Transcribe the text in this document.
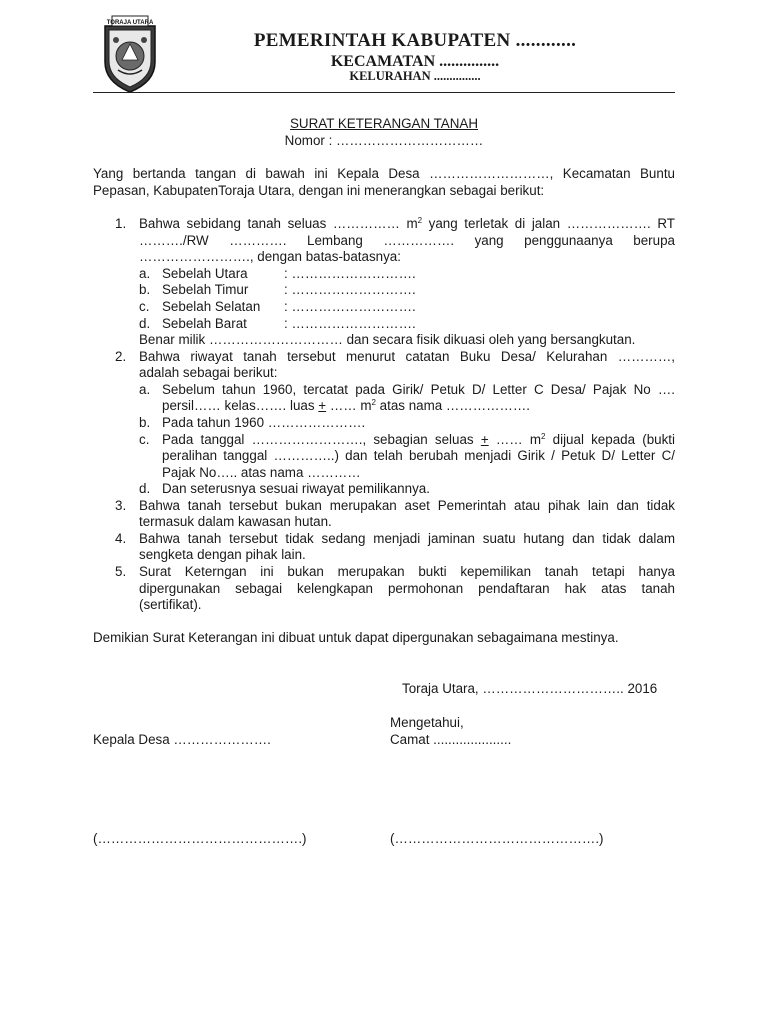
TORAJA UTARA
PEMERINTAH KABUPATEN ............
KECAMATAN ...............
KELURAHAN ...............
SURAT KETERANGAN TANAH
Nomor : ……………………………
Yang bertanda tangan di bawah ini Kepala Desa ………………………, Kecamatan Buntu
Pepasan, KabupatenToraja Utara, dengan ini menerangkan sebagai berikut:
1. Bahwa sebidang tanah seluas …………… $m^2$ yang terletak di jalan ………………. RT
………./RW …………. Lembang ……………. yang penggunaanya berupa
……………………., dengan batas-batasnya:
a. Sebelah Utara	: ……………………….
b. Sebelah Timur	: ……………………….
c. Sebelah Selatan : ……………………….
d. Sebelah Barat	: ……………………….
Benar milik ………………………… dan secara fisik dikuasi oleh yang bersangkutan.
2. Bahwa riwayat tanah tersebut menurut catatan Buku Desa/ Kelurahan …………,
adalah sebagai berikut:
a. Sebelum tahun 1960, tercatat pada Girik/ Petuk D/ Letter C Desa/ Pajak No ….
persil…… kelas……. luas + …… $m^2$ atas nama ……………….
b. Pada tahun 1960 ………………….
c. Pada tanggal ……………………., sebagian seluas + …… $m^2$ dijual kepada (bukti
peralihan tanggal …………..) dan telah berubah menjadi Girik / Petuk D/ Letter C/
Pajak No….. atas nama …………
d. Dan seterusnya sesuai riwayat pemilikannya.
3. Bahwa tanah tersebut bukan merupakan aset Pemerintah atau pihak lain dan tidak
termasuk dalam kawasan hutan.
4. Bahwa tanah tersebut tidak sedang menjadi jaminan suatu hutang dan tidak dalam
sengketa dengan pihak lain.
5. Surat Keterngan ini bukan merupakan bukti kepemilikan tanah tetapi hanya
dipergunakan sebagai kelengkapan permohonan pendaftaran hak atas tanah
(sertifikat).
Demikian Surat Keterangan ini dibuat untuk dapat dipergunakan sebagaimana mestinya.
Toraja Utara, ………………………….. 2016
Mengetahui,
Kepala Desa ………………….	Camat .....................
(……………………………………….)	(……………………………………….)
